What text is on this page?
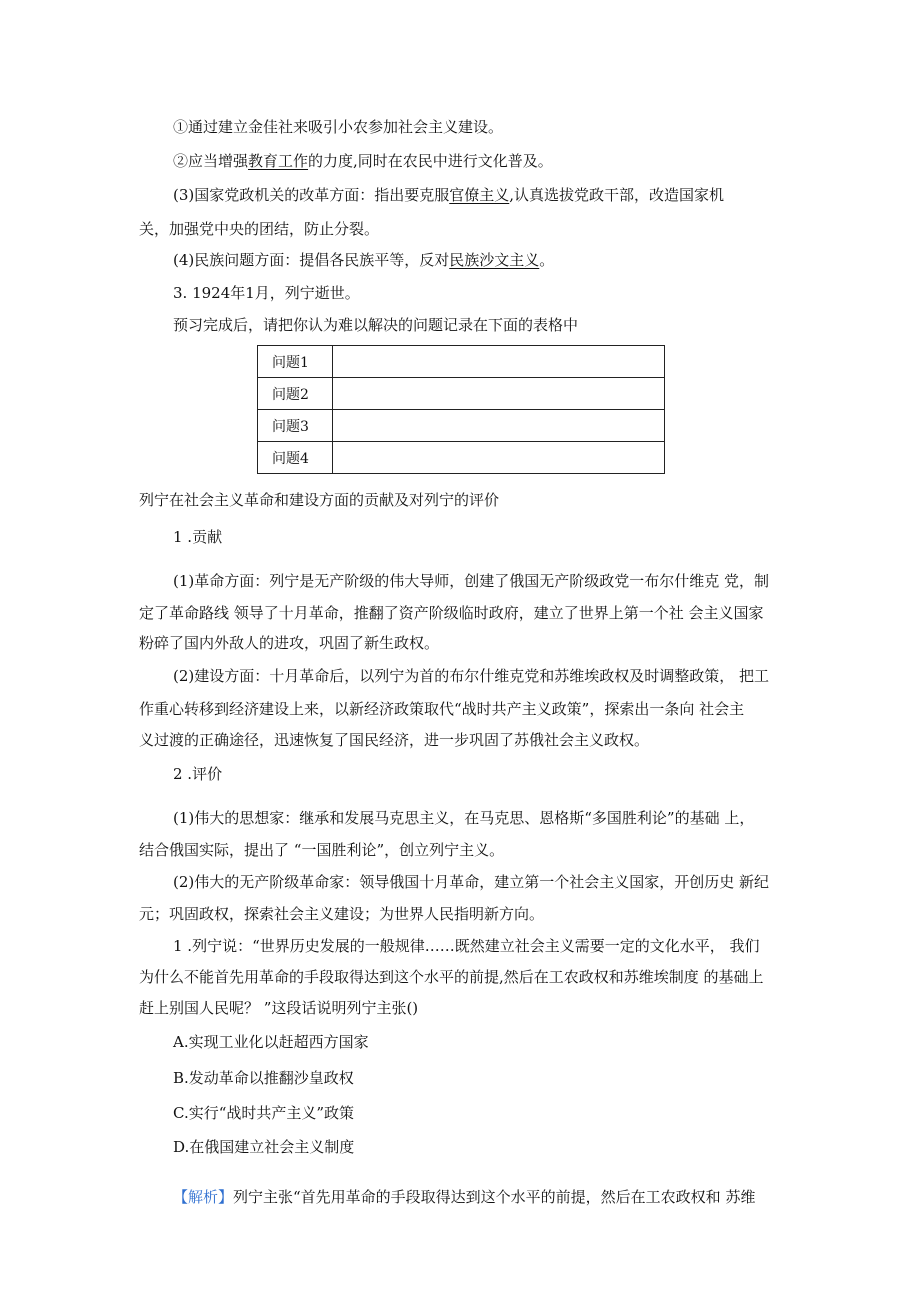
①通过建立金佳社来吸引小农参加社会主义建设。
②应当增强教育工作的力度,同时在农民中进行文化普及。
(3)国家党政机关的改革方面：指出要克服官僚主义,认真选拔党政干部，改造国家机
关，加强党中央的团结，防止分裂。
(4)民族问题方面：提倡各民族平等，反对民族沙文主义。
3. 1924年1月，列宁逝世。
预习完成后，请把你认为难以解决的问题记录在下面的表格中
问题1	
问题2	
问题3	
问题4	
列宁在社会主义革命和建设方面的贡献及对列宁的评价
1 .贡献
(1)革命方面：列宁是无产阶级的伟大导师，创建了俄国无产阶级政党一布尔什维克 党，制
定了革命路线 领导了十月革命，推翻了资产阶级临时政府，建立了世界上第一个社 会主义国家
粉碎了国内外敌人的进攻，巩固了新生政权。
(2)建设方面：十月革命后，以列宁为首的布尔什维克党和苏维埃政权及时调整政策， 把工
作重心转移到经济建设上来，以新经济政策取代“战时共产主义政策”，探索出一条向 社会主
义过渡的正确途径，迅速恢复了国民经济，进一步巩固了苏俄社会主义政权。
2 .评价
(1)伟大的思想家：继承和发展马克思主义，在马克思、恩格斯“多国胜利论”的基础 上，
结合俄国实际，提出了 “一国胜利论”，创立列宁主义。
(2)伟大的无产阶级革命家：领导俄国十月革命，建立第一个社会主义国家，开创历史 新纪
元；巩固政权，探索社会主义建设；为世界人民指明新方向。
1 .列宁说：“世界历史发展的一般规律……既然建立社会主义需要一定的文化水平， 我们
为什么不能首先用革命的手段取得达到这个水平的前提,然后在工农政权和苏维埃制度 的基础上
赶上别国人民呢？ ”这段话说明列宁主张()
A.实现工业化以赶超西方国家
B.发动革命以推翻沙皇政权
C.实行“战时共产主义”政策
D.在俄国建立社会主义制度
【解析】列宁主张“首先用革命的手段取得达到这个水平的前提，然后在工农政权和 苏维
